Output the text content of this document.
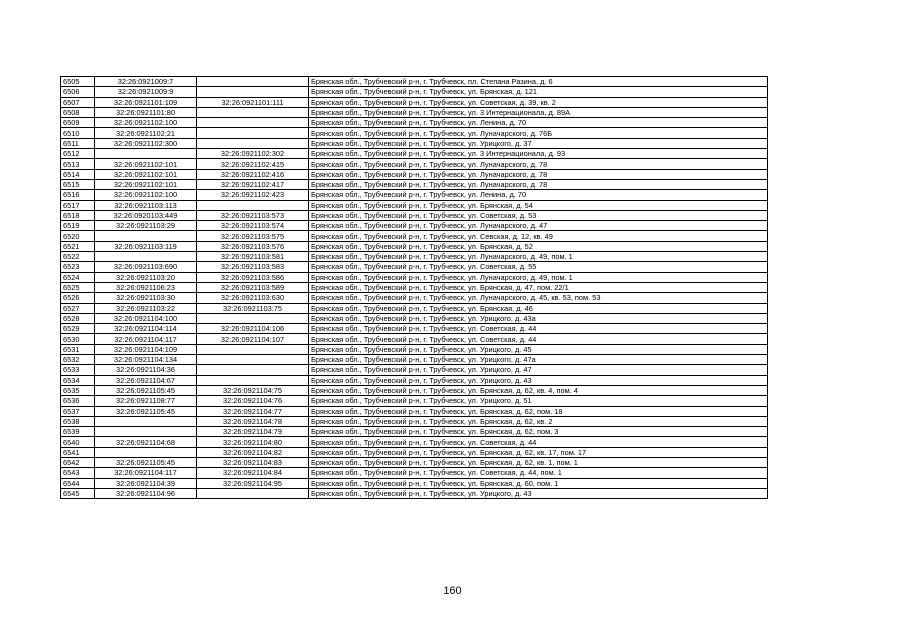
6505	32:26:0921009:7		Брянская обл., Трубчевский р-н, г. Трубчевск, пл. Степана Разина, д. 6
6506	32:26:0921009:9		Брянская обл., Трубчевский р-н, г. Трубчевск, ул. Брянская, д. 121
6507	32:26:0921101:109	32:26:0921101:111	Брянская обл., Трубчевский р-н, г. Трубчевск, ул. Советская, д. 39, кв. 2
6508	32:26:0921101:80		Брянская обл., Трубчевский р-н, г. Трубчевск, ул. 3 Интернационала, д. 89А
6509	32:26:0921102:100		Брянская обл., Трубчевский р-н, г. Трубчевск, ул. Ленина, д. 70
6510	32:26:0921102:21		Брянская обл., Трубчевский р-н, г. Трубчевск, ул. Луначарского, д. 76Б
6511	32:26:0921102:300		Брянская обл., Трубчевский р-н, г. Трубчевск, ул. Урицкого, д. 37
6512		32:26:0921102:302	Брянская обл., Трубчевский р-н, г. Трубчевск, ул. 3 Интернационала, д. 93
6513	32:26:0921102:101	32:26:0921102:415	Брянская обл., Трубчевский р-н, г. Трубчевск, ул. Луначарского, д. 78
6514	32:26:0921102:101	32:26:0921102:416	Брянская обл., Трубчевский р-н, г. Трубчевск, ул. Луначарского, д. 78
6515	32:26:0921102:101	32:26:0921102:417	Брянская обл., Трубчевский р-н, г. Трубчевск, ул. Луначарского, д. 78
6516	32:26:0921102:100	32:26:0921102:423	Брянская обл., Трубчевский р-н, г. Трубчевск, ул. Ленина, д. 70
6517	32:26:0921103:113		Брянская обл., Трубчевский р-н, г. Трубчевск, ул. Брянская, д. 54
6518	32:26:0920103:449	32:26:0921103:573	Брянская обл., Трубчевский р-н, г. Трубчевск, ул. Советская, д. 53
6519	32:26:0921103:29	32:26:0921103:574	Брянская обл., Трубчевский р-н, г. Трубчевск, ул. Луначарского, д. 47
6520		32:26:0921103:575	Брянская обл., Трубчевский р-н, г. Трубчевск, ул. Севская, д. 12, кв. 49
6521	32:26:0921103:119	32:26:0921103:576	Брянская обл., Трубчевский р-н, г. Трубчевск, ул. Брянская, д. 52
6522		32:26:0921103:581	Брянская обл., Трубчевский р-н, г. Трубчевск, ул. Луначарского, д. 49, пом. 1
6523	32:26:0921103:690	32:26:0921103:583	Брянская обл., Трубчевский р-н, г. Трубчевск, ул. Советская, д. 55
6524	32:26:0921103:20	32:26:0921103:586	Брянская обл., Трубчевский р-н, г. Трубчевск, ул. Луначарского, д. 49, пом. 1
6525	32:26:0921106:23	32:26:0921103:589	Брянская обл., Трубчевский р-н, г. Трубчевск, ул. Брянская, д. 47, пом. 22/1
6526	32:26:0921103:30	32:26:0921103:630	Брянская обл., Трубчевский р-н, г. Трубчевск, ул. Луначарского, д. 45, кв. 53, пом. 53
6527	32:26:0921103:22	32:26:0921103:75	Брянская обл., Трубчевский р-н, г. Трубчевск, ул. Брянская, д. 46
6528	32:26:0921104:100		Брянская обл., Трубчевский р-н, г. Трубчевск, ул. Урицкого, д. 43а
6529	32:26:0921104:114	32:26:0921104:106	Брянская обл., Трубчевский р-н, г. Трубчевск, ул. Советская, д. 44
6530	32:26:0921104:117	32:26:0921104:107	Брянская обл., Трубчевский р-н, г. Трубчевск, ул. Советская, д. 44
6531	32:26:0921104:109		Брянская обл., Трубчевский р-н, г. Трубчевск, ул. Урицкого, д. 45
6532	32:26:0921104:134		Брянская обл., Трубчевский р-н, г. Трубчевск, ул. Урицкого, д. 47а
6533	32:26:0921104:36		Брянская обл., Трубчевский р-н, г. Трубчевск, ул. Урицкого, д. 47
6534	32:26:0921104:67		Брянская обл., Трубчевский р-н, г. Трубчевск, ул. Урицкого, д. 43
6535	32:26:0921105:45	32:26:0921104:75	Брянская обл., Трубчевский р-н, г. Трубчевск, ул. Брянская, д. 62, кв. 4, пом. 4
6536	32:26:0921108:77	32:26:0921104:76	Брянская обл., Трубчевский р-н, г. Трубчевск, ул. Урицкого, д. 51
6537	32:26:0921105:45	32:26:0921104:77	Брянская обл., Трубчевский р-н, г. Трубчевск, ул. Брянская, д. 62, пом. 18
6538		32:26:0921104:78	Брянская обл., Трубчевский р-н, г. Трубчевск, ул. Брянская, д. 62, кв. 2
6539		32:26:0921104:79	Брянская обл., Трубчевский р-н, г. Трубчевск, ул. Брянская, д. 62, пом. 3
6540	32:26:0921104:68	32:26:0921104:80	Брянская обл., Трубчевский р-н, г. Трубчевск, ул. Советская, д. 44
6541		32:26:0921104:82	Брянская обл., Трубчевский р-н, г. Трубчевск, ул. Брянская, д. 62, кв. 17, пом. 17
6542	32:26:0921105:45	32:26:0921104:83	Брянская обл., Трубчевский р-н, г. Трубчевск, ул. Брянская, д. 62, кв. 1, пом. 1
6543	32:26:0921104:117	32:26:0921104:84	Брянская обл., Трубчевский р-н, г. Трубчевск, ул. Советская, д. 44, пом. 1
6544	32:26:0921104:39	32:26:0921104:95	Брянская обл., Трубчевский р-н, г. Трубчевск, ул. Брянская, д. 60, пом. 1
6545	32:26:0921104:96		Брянская обл., Трубчевский р-н, г. Трубчевск, ул. Урицкого, д. 43
160
